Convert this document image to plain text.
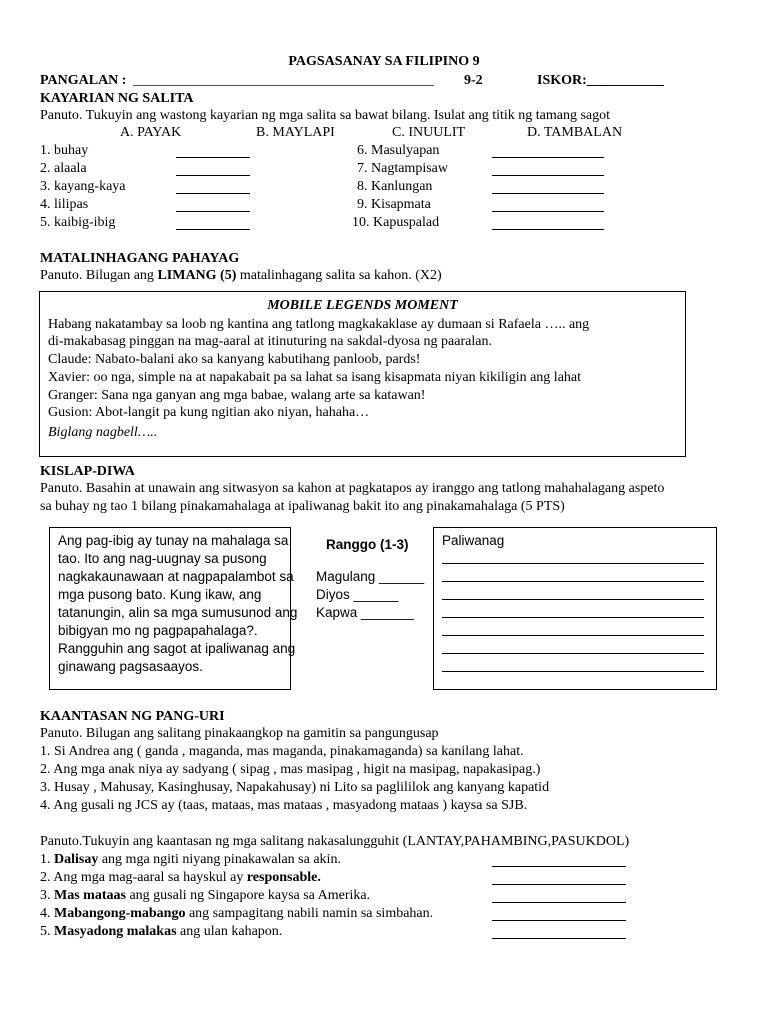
PAGSASANAY SA FILIPINO 9
PANGALAN : ___________________________________________ 9-2	ISKOR:___________
KAYARIAN NG SALITA
Panuto. Tukuyin ang wastong kayarian ng mga salita sa bawat bilang. Isulat ang titik ng tamang sagot
A. PAYAK	B. MAYLAPI	C. INUULIT	D. TAMBALAN
1. buhay
2. alaala
3. kayang-kaya
4. lilipas
5. kaibig-ibig
6. Masulyapan
7. Nagtampisaw
8. Kanlungan
9. Kisapmata
10. Kapuspalad
MATALINHAGANG PAHAYAG
Panuto. Bilugan ang LIMANG (5) matalinhagang salita sa kahon. (X2)
MOBILE LEGENDS MOMENT
Habang nakatambay sa loob ng kantina ang tatlong magkakaklase ay dumaan si Rafaela ….. ang
di-makabasag pinggan na mag-aaral at itinuturing na sakdal-dyosa ng paaralan.
Claude: Nabato-balani ako sa kanyang kabutihang panloob, pards!
Xavier: oo nga, simple na at napakabait pa sa lahat sa isang kisapmata niyan kikiligin ang lahat
Granger: Sana nga ganyan ang mga babae, walang arte sa katawan!
Gusion: Abot-langit pa kung ngitian ako niyan, hahaha…
Biglang nagbell…..
KISLAP-DIWA
Panuto. Basahin at unawain ang sitwasyon sa kahon at pagkatapos ay iranggo ang tatlong mahahalagang aspeto
sa buhay ng tao 1 bilang pinakamahalaga at ipaliwanag bakit ito ang pinakamahalaga (5 PTS)
Ang pag-ibig ay tunay na mahalaga sa
tao. Ito ang nag-uugnay sa pusong
nagkakaunawaan at nagpapalambot sa
mga pusong bato. Kung ikaw, ang
tatanungin, alin sa mga sumusunod ang
bibigyan mo ng pagpapahalaga?.
Rangguhin ang sagot at ipaliwanag ang
ginawang pagsasaayos.
Ranggo (1-3)
Magulang ______
Diyos ______
Kapwa _______
Paliwanag
KAANTASAN NG PANG-URI
Panuto. Bilugan ang salitang pinakaangkop na gamitin sa pangungusap
1. Si Andrea ang ( ganda , maganda, mas maganda, pinakamaganda) sa kanilang lahat.
2. Ang mga anak niya ay sadyang ( sipag , mas masipag , higit na masipag, napakasipag.)
3. Husay , Mahusay, Kasinghusay, Napakahusay) ni Lito sa paglililok ang kanyang kapatid
4. Ang gusali ng JCS ay (taas, mataas, mas mataas , masyadong mataas ) kaysa sa SJB.
Panuto.Tukuyin ang kaantasan ng mga salitang nakasalungguhit (LANTAY,PAHAMBING,PASUKDOL)
1. Dalisay ang mga ngiti niyang pinakawalan sa akin.
2. Ang mga mag-aaral sa hayskul ay responsable.
3. Mas mataas ang gusali ng Singapore kaysa sa Amerika.
4. Mabangong-mabango ang sampagitang nabili namin sa simbahan.
5. Masyadong malakas ang ulan kahapon.
